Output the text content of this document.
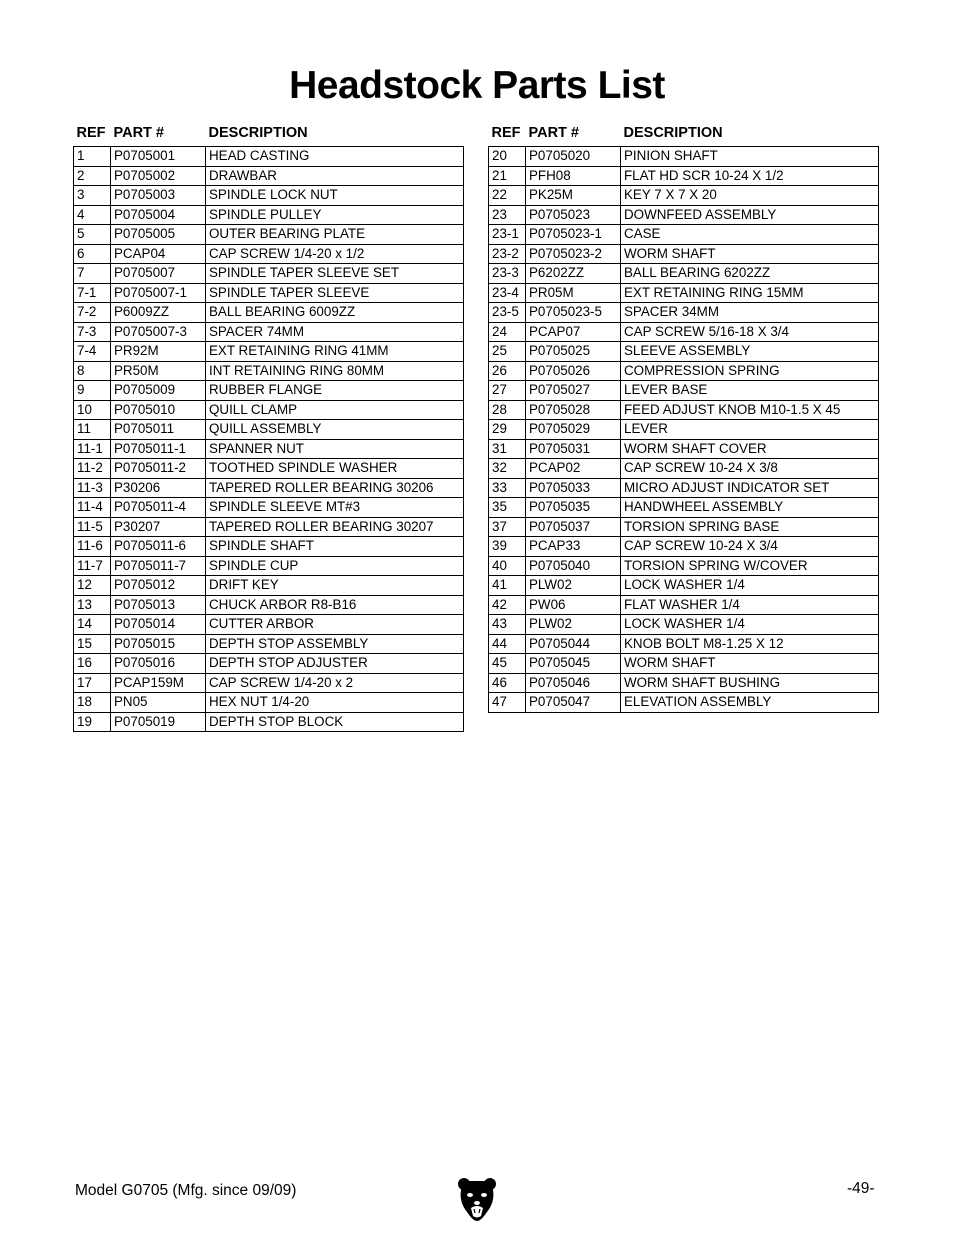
Headstock Parts List
REF	PART #	DESCRIPTION
1	P0705001	HEAD CASTING
2	P0705002	DRAWBAR
3	P0705003	SPINDLE LOCK NUT
4	P0705004	SPINDLE PULLEY
5	P0705005	OUTER BEARING PLATE
6	PCAP04	CAP SCREW 1/4-20 x 1/2
7	P0705007	SPINDLE TAPER SLEEVE SET
7-1	P0705007-1	SPINDLE TAPER SLEEVE
7-2	P6009ZZ	BALL BEARING 6009ZZ
7-3	P0705007-3	SPACER 74MM
7-4	PR92M	EXT RETAINING RING 41MM
8	PR50M	INT RETAINING RING 80MM
9	P0705009	RUBBER FLANGE
10	P0705010	QUILL CLAMP
11	P0705011	QUILL ASSEMBLY
11-1	P0705011-1	SPANNER NUT
11-2	P0705011-2	TOOTHED SPINDLE WASHER
11-3	P30206	TAPERED ROLLER BEARING 30206
11-4	P0705011-4	SPINDLE SLEEVE MT#3
11-5	P30207	TAPERED ROLLER BEARING 30207
11-6	P0705011-6	SPINDLE SHAFT
11-7	P0705011-7	SPINDLE CUP
12	P0705012	DRIFT KEY
13	P0705013	CHUCK ARBOR R8-B16
14	P0705014	CUTTER ARBOR
15	P0705015	DEPTH STOP ASSEMBLY
16	P0705016	DEPTH STOP ADJUSTER
17	PCAP159M	CAP SCREW 1/4-20 x 2
18	PN05	HEX NUT 1/4-20
19	P0705019	DEPTH STOP BLOCK
REF	PART #	DESCRIPTION
20	P0705020	PINION SHAFT
21	PFH08	FLAT HD SCR 10-24 X 1/2
22	PK25M	KEY 7 X 7 X 20
23	P0705023	DOWNFEED ASSEMBLY
23-1	P0705023-1	CASE
23-2	P0705023-2	WORM SHAFT
23-3	P6202ZZ	BALL BEARING 6202ZZ
23-4	PR05M	EXT RETAINING RING 15MM
23-5	P0705023-5	SPACER 34MM
24	PCAP07	CAP SCREW 5/16-18 X 3/4
25	P0705025	SLEEVE ASSEMBLY
26	P0705026	COMPRESSION SPRING
27	P0705027	LEVER BASE
28	P0705028	FEED ADJUST KNOB M10-1.5 X 45
29	P0705029	LEVER
31	P0705031	WORM SHAFT COVER
32	PCAP02	CAP SCREW 10-24 X 3/8
33	P0705033	MICRO ADJUST INDICATOR SET
35	P0705035	HANDWHEEL ASSEMBLY
37	P0705037	TORSION SPRING BASE
39	PCAP33	CAP SCREW 10-24 X 3/4
40	P0705040	TORSION SPRING W/COVER
41	PLW02	LOCK WASHER 1/4
42	PW06	FLAT WASHER 1/4
43	PLW02	LOCK WASHER 1/4
44	P0705044	KNOB BOLT M8-1.25 X 12
45	P0705045	WORM SHAFT
46	P0705046	WORM SHAFT BUSHING
47	P0705047	ELEVATION ASSEMBLY
Model G0705 (Mfg. since 09/09)	-49-
